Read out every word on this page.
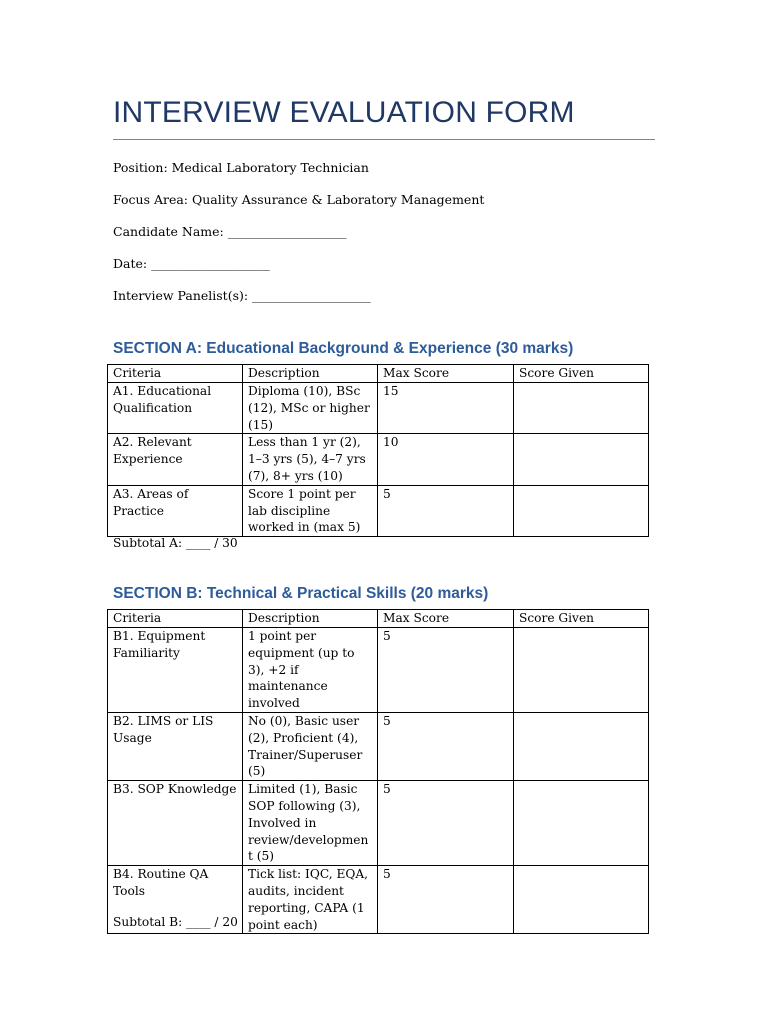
INTERVIEW EVALUATION FORM
Position: Medical Laboratory Technician
Focus Area: Quality Assurance & Laboratory Management
Candidate Name: ___________________
Date: ___________________
Interview Panelist(s): ___________________
SECTION A: Educational Background & Experience (30 marks)
Criteria	Description	Max Score	Score Given
A1. Educational Qualification	Diploma (10), BSc (12), MSc or higher (15)	15	
A2. Relevant Experience	Less than 1 yr (2), 1–3 yrs (5), 4–7 yrs (7), 8+ yrs (10)	10	
A3. Areas of Practice	Score 1 point per lab discipline worked in (max 5)	5	
Subtotal A: ____ / 30
SECTION B: Technical & Practical Skills (20 marks)
Criteria	Description	Max Score	Score Given
B1. Equipment Familiarity	1 point per equipment (up to 3), +2 if maintenance involved	5	
B2. LIMS or LIS Usage	No (0), Basic user (2), Proficient (4), Trainer/Superuser (5)	5	
B3. SOP Knowledge	Limited (1), Basic SOP following (3), Involved in review/development (5)	5	
B4. Routine QA Tools	Tick list: IQC, EQA, audits, incident reporting, CAPA (1 point each)	5	
Subtotal B: ____ / 20
